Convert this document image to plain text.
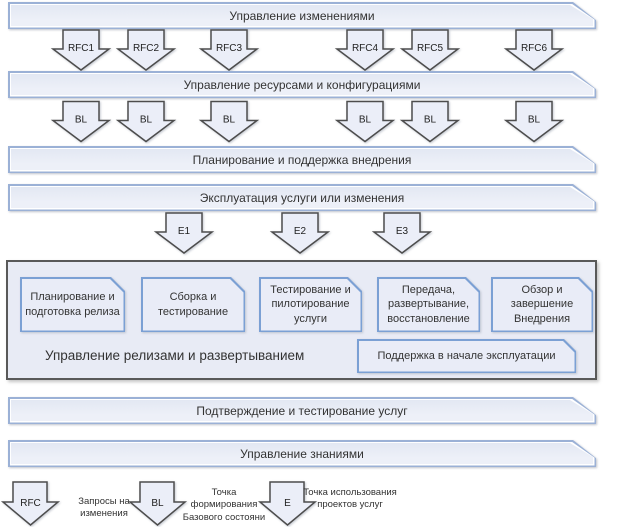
Управление изменениями
RFC1	RFC2	RFC3	RFC4	RFC5	RFC6
Управление ресурсами и конфигурациями
BL	BL	BL	BL	BL	BL
Планирование и поддержка внедрения
Эксплуатация услуги или изменения
E1	E2	E3
Управление релизами и развертыванием
Планирование и подготовка релиза
Сборка и тестирование
Тестирование и пилотирование услуги
Передача, развертывание, восстановление
Обзор и завершение Внедрения
Поддержка в начале эксплуатации
Подтверждение и тестирование услуг
Управление знаниями
RFC	Запросы на изменения
BL
Точка формирования Базового состояни
E
Точка использования проектов услуг
